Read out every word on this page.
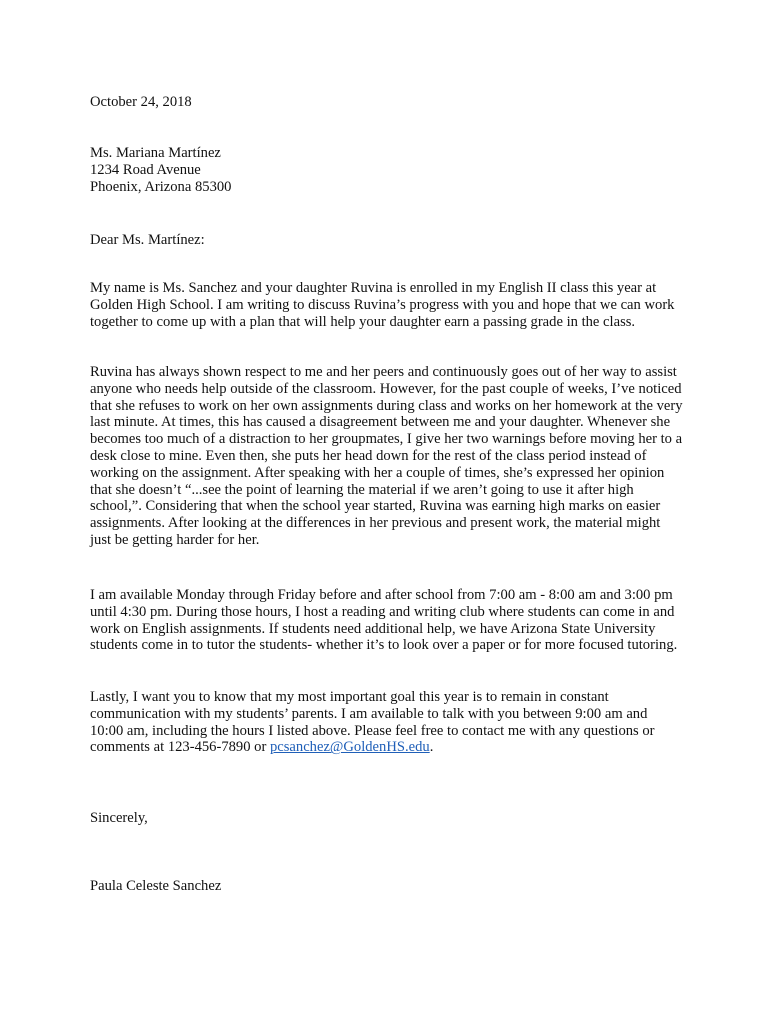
October 24, 2018
Ms. Mariana Martínez
1234 Road Avenue
Phoenix, Arizona 85300
Dear Ms. Martínez:
My name is Ms. Sanchez and your daughter Ruvina is enrolled in my English II class this year at
Golden High School. I am writing to discuss Ruvina’s progress with you and hope that we can work
together to come up with a plan that will help your daughter earn a passing grade in the class.
Ruvina has always shown respect to me and her peers and continuously goes out of her way to assist
anyone who needs help outside of the classroom. However, for the past couple of weeks, I’ve noticed
that she refuses to work on her own assignments during class and works on her homework at the very
last minute. At times, this has caused a disagreement between me and your daughter. Whenever she
becomes too much of a distraction to her groupmates, I give her two warnings before moving her to a
desk close to mine. Even then, she puts her head down for the rest of the class period instead of
working on the assignment. After speaking with her a couple of times, she’s expressed her opinion
that she doesn’t “...see the point of learning the material if we aren’t going to use it after high
school,”. Considering that when the school year started, Ruvina was earning high marks on easier
assignments. After looking at the differences in her previous and present work, the material might
just be getting harder for her.
I am available Monday through Friday before and after school from 7:00 am - 8:00 am and 3:00 pm
until 4:30 pm. During those hours, I host a reading and writing club where students can come in and
work on English assignments. If students need additional help, we have Arizona State University
students come in to tutor the students- whether it’s to look over a paper or for more focused tutoring.
Lastly, I want you to know that my most important goal this year is to remain in constant
communication with my students’ parents. I am available to talk with you between 9:00 am and
10:00 am, including the hours I listed above. Please feel free to contact me with any questions or
comments at 123-456-7890 or pcsanchez@GoldenHS.edu.
Sincerely,
Paula Celeste Sanchez
